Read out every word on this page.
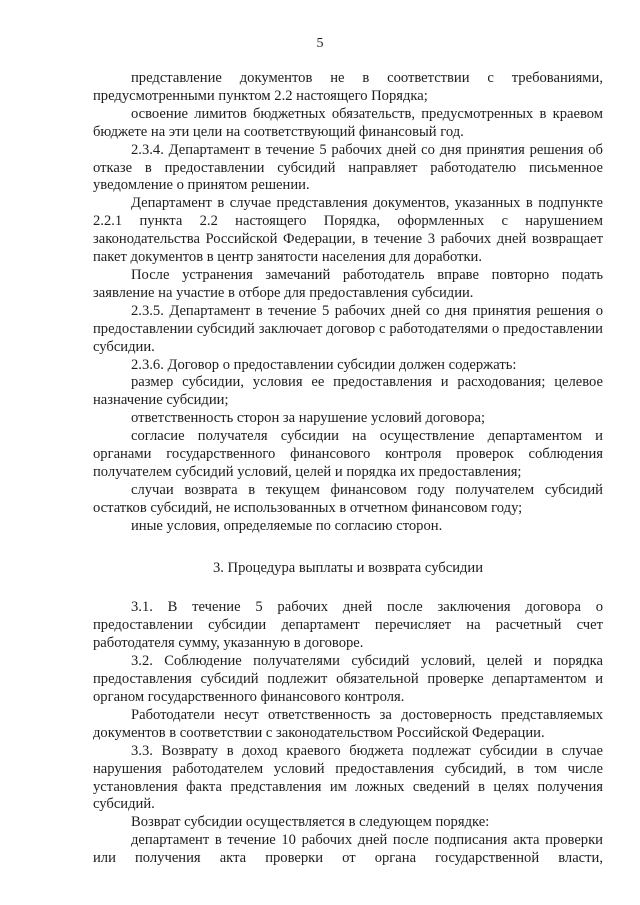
5

представление документов не в соответствии с требованиями, предусмотренными пунктом 2.2 настоящего Порядка;

освоение лимитов бюджетных обязательств, предусмотренных в краевом бюджете на эти цели на соответствующий финансовый год.

2.3.4. Департамент в течение 5 рабочих дней со дня принятия решения об отказе в предоставлении субсидий направляет работодателю письменное уведомление о принятом решении.

Департамент в случае представления документов, указанных в подпункте 2.2.1 пункта 2.2 настоящего Порядка, оформленных с нарушением законодательства Российской Федерации, в течение 3 рабочих дней возвращает пакет документов в центр занятости населения для доработки.

После устранения замечаний работодатель вправе повторно подать заявление на участие в отборе для предоставления субсидии.

2.3.5. Департамент в течение 5 рабочих дней со дня принятия решения о предоставлении субсидий заключает договор с работодателями о предоставлении субсидии.

2.3.6. Договор о предоставлении субсидии должен содержать:

размер субсидии, условия ее предоставления и расходования; целевое назначение субсидии;

ответственность сторон за нарушение условий договора;

согласие получателя субсидии на осуществление департаментом и органами государственного финансового контроля проверок соблюдения получателем субсидий условий, целей и порядка их предоставления;

случаи возврата в текущем финансовом году получателем субсидий остатков субсидий, не использованных в отчетном финансовом году;

иные условия, определяемые по согласию сторон.

3. Процедура выплаты и возврата субсидии

3.1. В течение 5 рабочих дней после заключения договора о предоставлении субсидии департамент перечисляет на расчетный счет работодателя сумму, указанную в договоре.

3.2. Соблюдение получателями субсидий условий, целей и порядка предоставления субсидий подлежит обязательной проверке департаментом и органом государственного финансового контроля.

Работодатели несут ответственность за достоверность представляемых документов в соответствии с законодательством Российской Федерации.

3.3. Возврату в доход краевого бюджета подлежат субсидии в случае нарушения работодателем условий предоставления субсидий, в том числе установления факта представления им ложных сведений в целях получения субсидий.

Возврат субсидии осуществляется в следующем порядке:

департамент в течение 10 рабочих дней после подписания акта проверки или получения акта проверки от органа государственной власти,
